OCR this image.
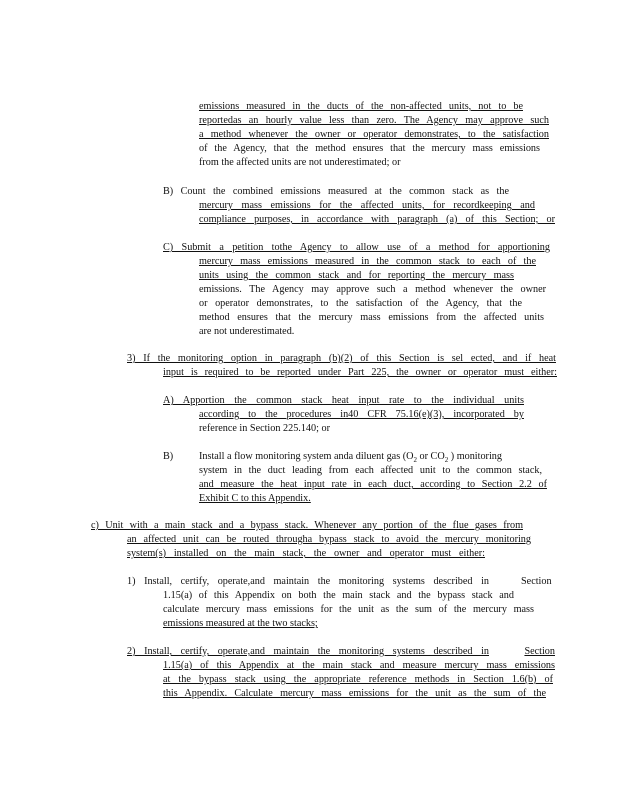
emissions measured in the ducts of the non-affected units, not to be
reportedas an hourly value less than zero. The Agency may approve such
a method whenever the owner or operator demonstrates, to the satisfaction
of the Agency, that the method ensures that the mercury mass emissions
from the affected units are not underestimated; or
B) Count the combined emissions measured at the common stack as the
mercury mass emissions for the affected units, for recordkeeping and
compliance purposes, in accordance with paragraph (a) of this Section; or
C) Submit a petition tothe Agency to allow use of a method for apportioning
mercury mass emissions measured in the common stack to each of the
units using the common stack and for reporting the mercury mass
emissions. The Agency may approve such a method whenever the owner
or operator demonstrates, to the satisfaction of the Agency, that the
method ensures that the mercury mass emissions from the affected units
are not underestimated.
3) If the monitoring option in paragraph (b)(2) of this Section is sel ected, and if heat
input is required to be reported under Part 225, the owner or operator must either:
A) Apportion the common stack heat input rate to the individual units
according to the procedures in40 CFR 75.16(e)(3), incorporated by
reference in Section 225.140; or
B)	Install a flow monitoring system anda diluent gas ($O_2$ or $CO_2$ ) monitoring
system in the duct leading from each affected unit to the common stack,
and measure the heat input rate in each duct, according to Section 2.2 of
Exhibit C to this Appendix.
c) Unit with a main stack and a bypass stack. Whenever any portion of the flue gases from
an affected unit can be routed througha bypass stack to avoid the mercury monitoring
system(s) installed on the main stack, the owner and operator must either:
1) Install, certify, operate,and maintain the monitoring systems described in	Section
1.15(a) of this Appendix on both the main stack and the bypass stack and
calculate mercury mass emissions for the unit as the sum of the mercury mass
emissions measured at the two stacks;
2) Install, certify, operate,and maintain the monitoring systems described in	Section
1.15(a) of this Appendix at the main stack and measure mercury mass emissions
at the bypass stack using the appropriate reference methods in Section 1.6(b) of
this Appendix. Calculate mercury mass emissions for the unit as the sum of the
